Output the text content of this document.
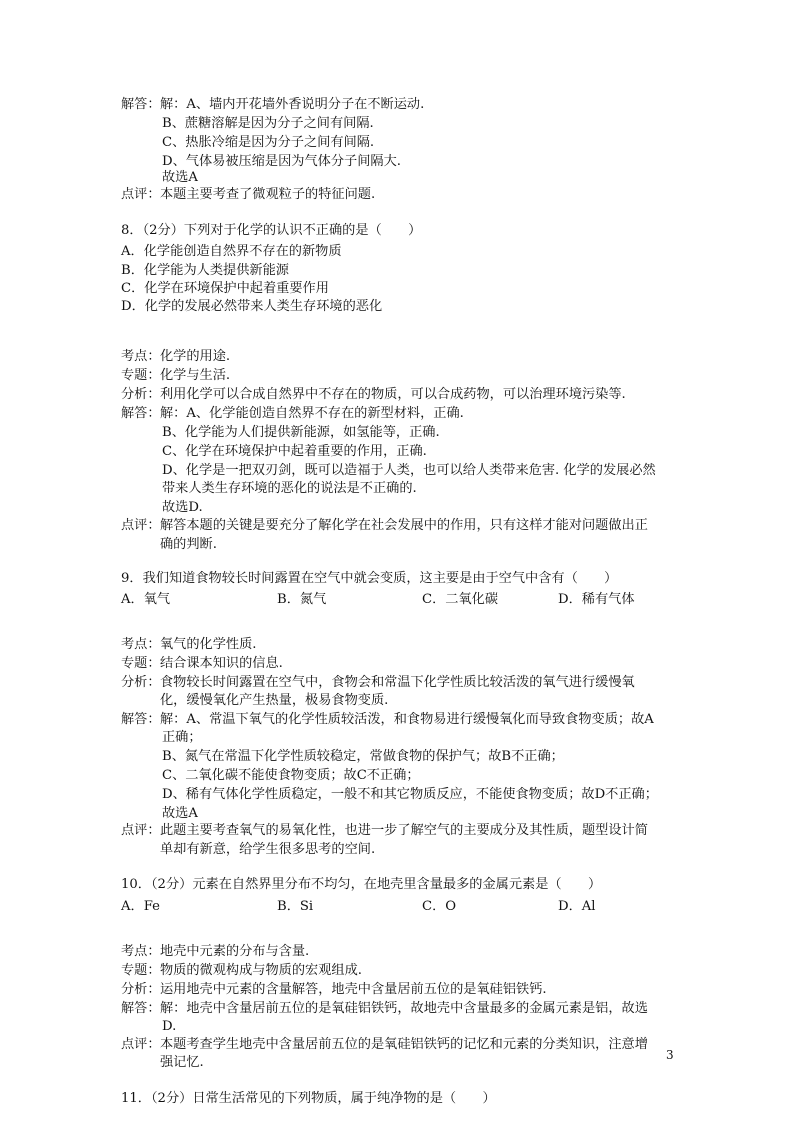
解答： 解：A、墙内开花墙外香说明分子在不断运动.
B、蔗糖溶解是因为分子之间有间隔.
C、热胀冷缩是因为分子之间有间隔.
D、气体易被压缩是因为气体分子间隔大.
故选A
点评： 本题主要考查了微观粒子的特征问题.
8．（2分）下列对于化学的认识不正确的是（　　）
A．化学能创造自然界不存在的新物质
B．化学能为人类提供新能源
C．化学在环境保护中起着重要作用
D．化学的发展必然带来人类生存环境的恶化
考点： 化学的用途.
专题： 化学与生活.
分析： 利用化学可以合成自然界中不存在的物质，可以合成药物，可以治理环境污染等.
解答： 解：A、化学能创造自然界不存在的新型材料，正确.
B、化学能为人们提供新能源，如氢能等，正确.
C、化学在环境保护中起着重要的作用，正确.
D、化学是一把双刃剑，既可以造福于人类，也可以给人类带来危害. 化学的发展必然
带来人类生存环境的恶化的说法是不正确的.
故选D.
点评： 解答本题的关键是要充分了解化学在社会发展中的作用，只有这样才能对问题做出正
确的判断.
9．我们知道食物较长时间露置在空气中就会变质，这主要是由于空气中含有（　　）
A．氧气	B．氮气	C．二氧化碳	D．稀有气体
考点： 氧气的化学性质.
专题： 结合课本知识的信息.
分析： 食物较长时间露置在空气中，食物会和常温下化学性质比较活泼的氧气进行缓慢氧
化，缓慢氧化产生热量，极易食物变质.
解答： 解：A、常温下氧气的化学性质较活泼，和食物易进行缓慢氧化而导致食物变质；故A
正确；
B、氮气在常温下化学性质较稳定，常做食物的保护气；故B不正确；
C、二氧化碳不能使食物变质；故C不正确；
D、稀有气体化学性质稳定，一般不和其它物质反应，不能使食物变质；故D不正确；
故选A
点评： 此题主要考查氧气的易氧化性，也进一步了解空气的主要成分及其性质，题型设计简
单却有新意，给学生很多思考的空间.
10．（2分）元素在自然界里分布不均匀，在地壳里含量最多的金属元素是（　　）
A．Fe	B．Si	C．O	D．Al
考点： 地壳中元素的分布与含量.
专题： 物质的微观构成与物质的宏观组成.
分析： 运用地壳中元素的含量解答，地壳中含量居前五位的是氧硅铝铁钙.
解答： 解：地壳中含量居前五位的是氧硅铝铁钙，故地壳中含量最多的金属元素是铝，故选
D.
点评： 本题考查学生地壳中含量居前五位的是氧硅铝铁钙的记忆和元素的分类知识，注意增
强记忆.
11．（2分）日常生活常见的下列物质，属于纯净物的是（　　）
3
